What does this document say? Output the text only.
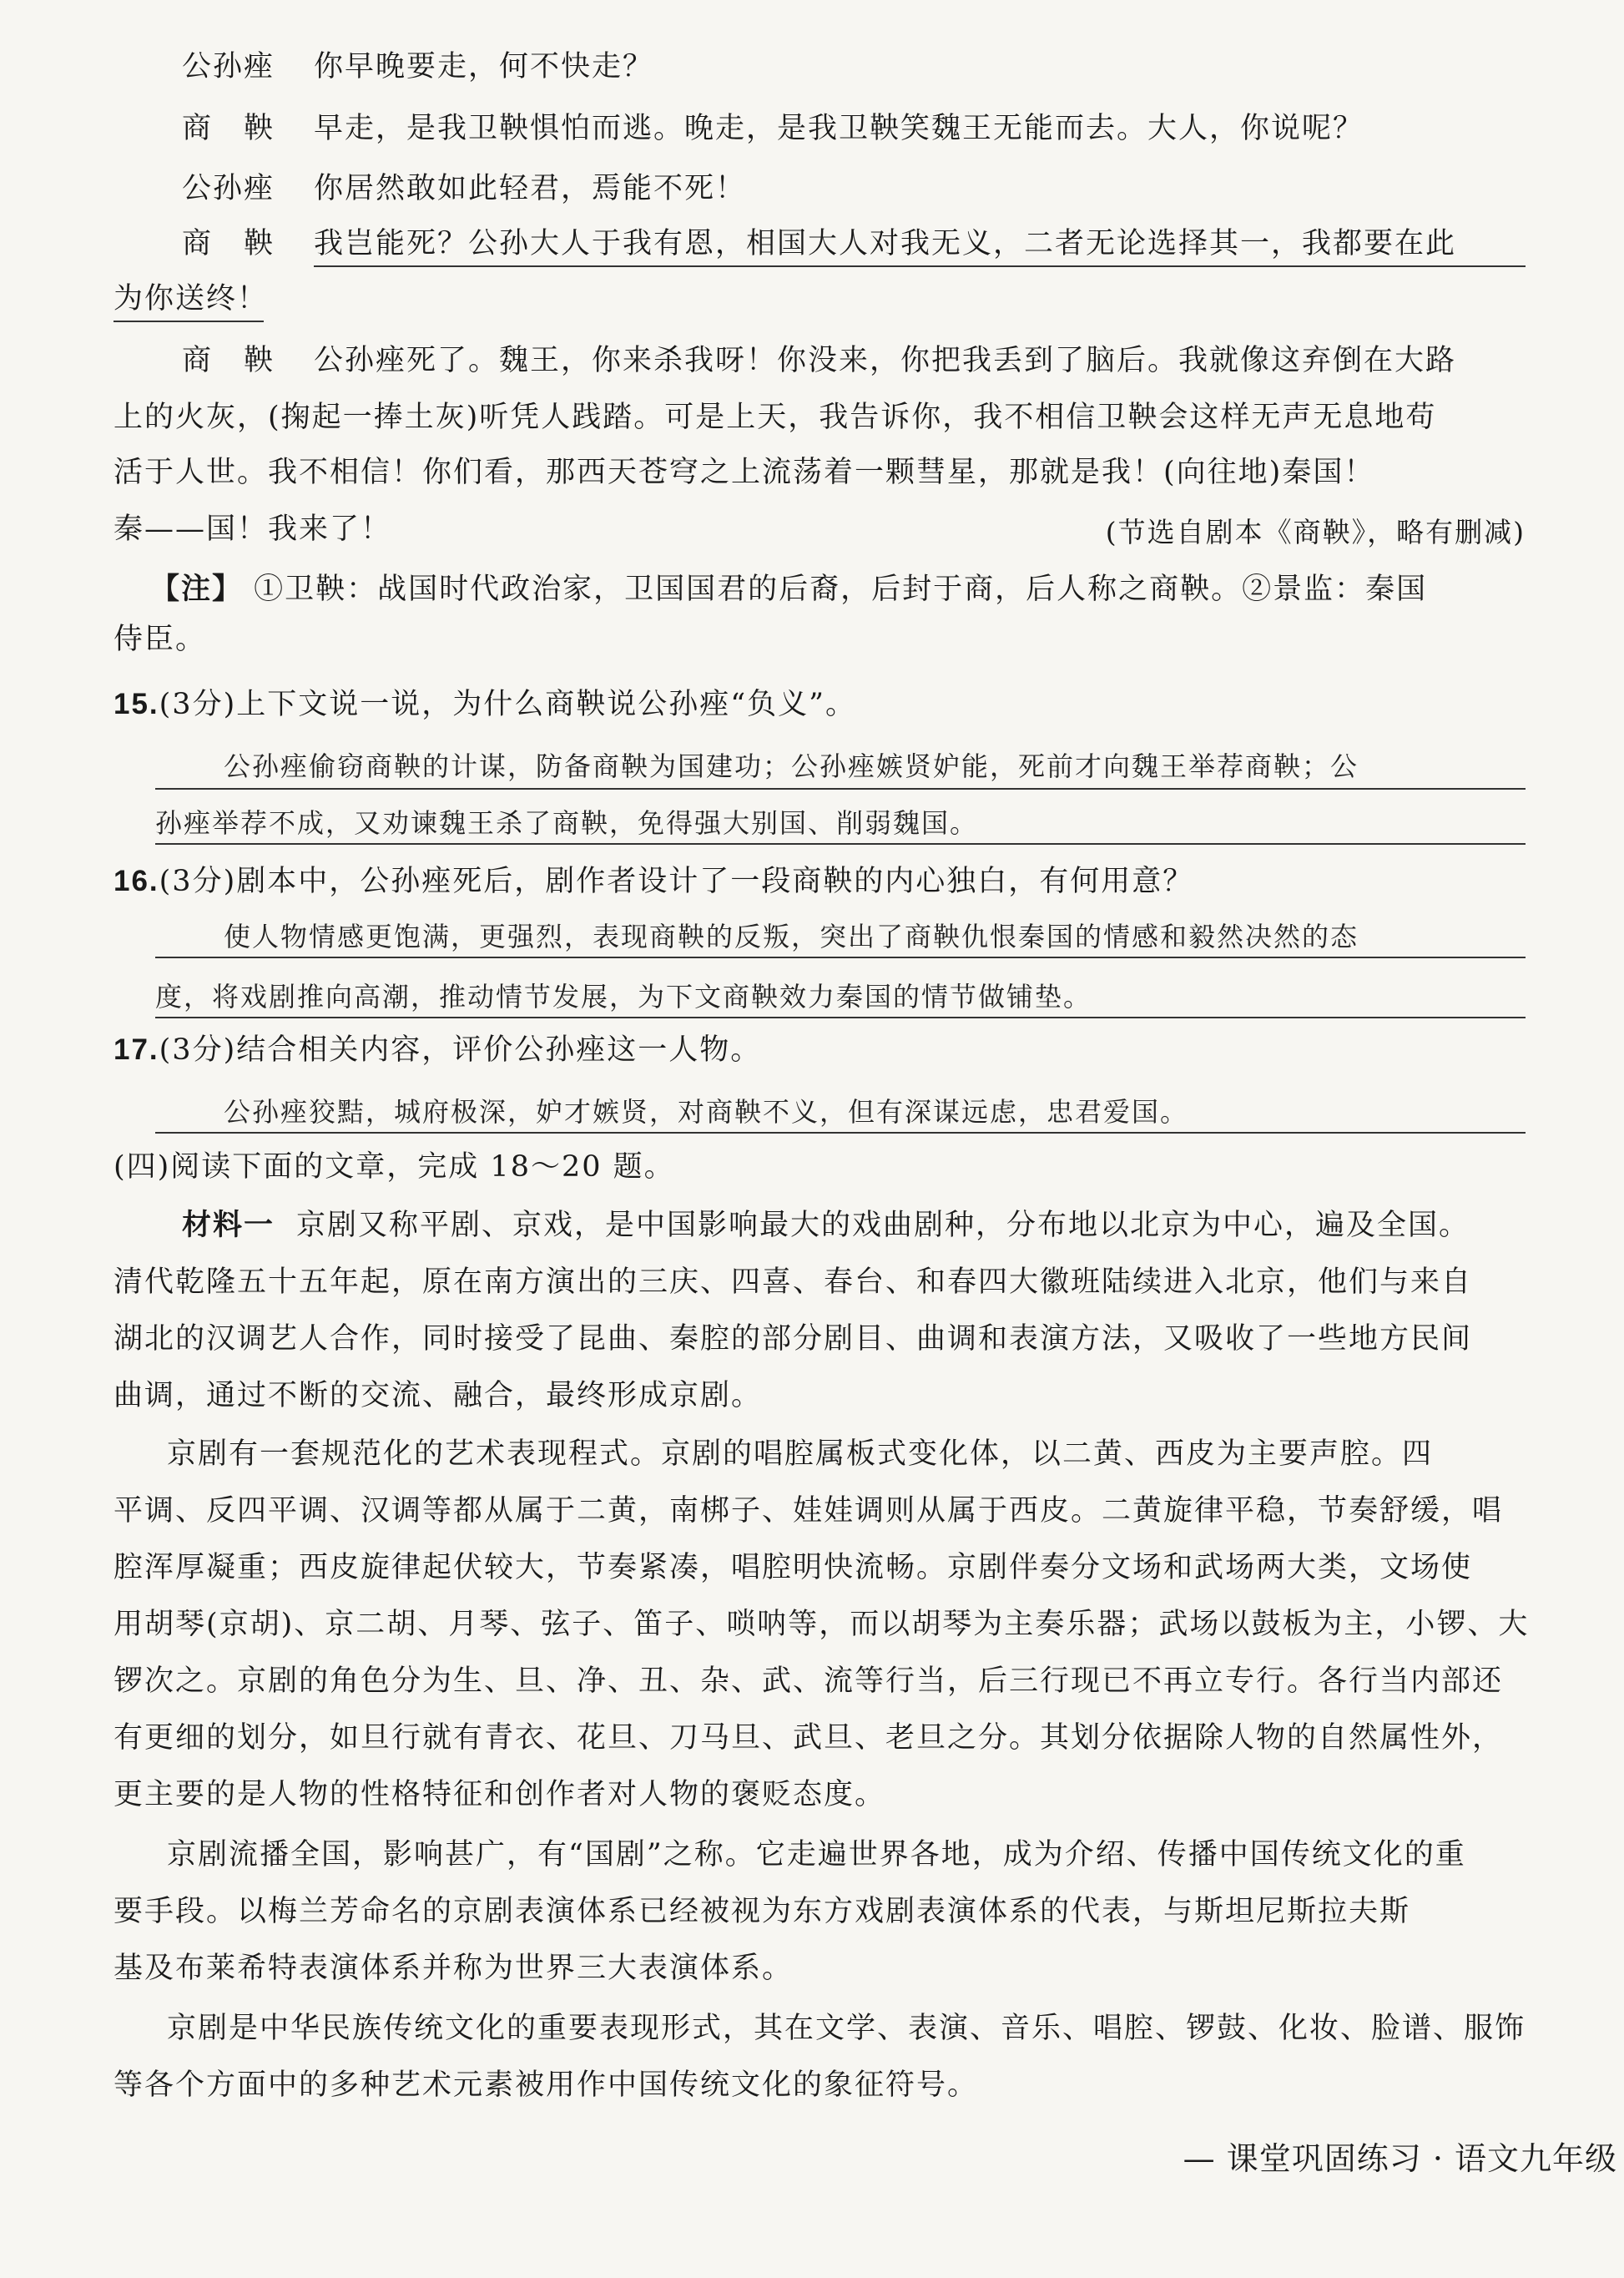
公孙痤 你早晚要走，何不快走？
商　鞅 早走，是我卫鞅惧怕而逃。晚走，是我卫鞅笑魏王无能而去。大人，你说呢？
公孙痤 你居然敢如此轻君，焉能不死！
商　鞅 我岂能死？公孙大人于我有恩，相国大人对我无义，二者无论选择其一，我都要在此
为你送终！
商　鞅 公孙痤死了。魏王，你来杀我呀！你没来，你把我丢到了脑后。我就像这弃倒在大路
上的火灰，(掬起一捧土灰)听凭人践踏。可是上天，我告诉你，我不相信卫鞅会这样无声无息地苟
活于人世。我不相信！你们看，那西天苍穹之上流荡着一颗彗星，那就是我！(向往地)秦国！
秦——国！我来了！	(节选自剧本《商鞅》，略有删减)
【注】 ①卫鞅：战国时代政治家，卫国国君的后裔，后封于商，后人称之商鞅。②景监：秦国
侍臣。
15.(3分)上下文说一说，为什么商鞅说公孙痤“负义”。
公孙痤偷窃商鞅的计谋，防备商鞅为国建功；公孙痤嫉贤妒能，死前才向魏王举荐商鞅；公
孙痤举荐不成，又劝谏魏王杀了商鞅，免得强大别国、削弱魏国。
16.(3分)剧本中，公孙痤死后，剧作者设计了一段商鞅的内心独白，有何用意？
使人物情感更饱满，更强烈，表现商鞅的反叛，突出了商鞅仇恨秦国的情感和毅然决然的态
度，将戏剧推向高潮，推动情节发展，为下文商鞅效力秦国的情节做铺垫。
17.(3分)结合相关内容，评价公孙痤这一人物。
公孙痤狡黠，城府极深，妒才嫉贤，对商鞅不义，但有深谋远虑，忠君爱国。
(四)阅读下面的文章，完成 18～20 题。
材料一 京剧又称平剧、京戏，是中国影响最大的戏曲剧种，分布地以北京为中心，遍及全国。
清代乾隆五十五年起，原在南方演出的三庆、四喜、春台、和春四大徽班陆续进入北京，他们与来自
湖北的汉调艺人合作，同时接受了昆曲、秦腔的部分剧目、曲调和表演方法，又吸收了一些地方民间
曲调，通过不断的交流、融合，最终形成京剧。
京剧有一套规范化的艺术表现程式。京剧的唱腔属板式变化体，以二黄、西皮为主要声腔。四
平调、反四平调、汉调等都从属于二黄，南梆子、娃娃调则从属于西皮。二黄旋律平稳，节奏舒缓，唱
腔浑厚凝重；西皮旋律起伏较大，节奏紧凑，唱腔明快流畅。京剧伴奏分文场和武场两大类，文场使
用胡琴(京胡)、京二胡、月琴、弦子、笛子、唢呐等，而以胡琴为主奏乐器；武场以鼓板为主，小锣、大
锣次之。京剧的角色分为生、旦、净、丑、杂、武、流等行当，后三行现已不再立专行。各行当内部还
有更细的划分，如旦行就有青衣、花旦、刀马旦、武旦、老旦之分。其划分依据除人物的自然属性外，
更主要的是人物的性格特征和创作者对人物的褒贬态度。
京剧流播全国，影响甚广，有“国剧”之称。它走遍世界各地，成为介绍、传播中国传统文化的重
要手段。以梅兰芳命名的京剧表演体系已经被视为东方戏剧表演体系的代表，与斯坦尼斯拉夫斯
基及布莱希特表演体系并称为世界三大表演体系。
京剧是中华民族传统文化的重要表现形式，其在文学、表演、音乐、唱腔、锣鼓、化妆、脸谱、服饰
等各个方面中的多种艺术元素被用作中国传统文化的象征符号。
— 课堂巩固练习 · 语文九年级
